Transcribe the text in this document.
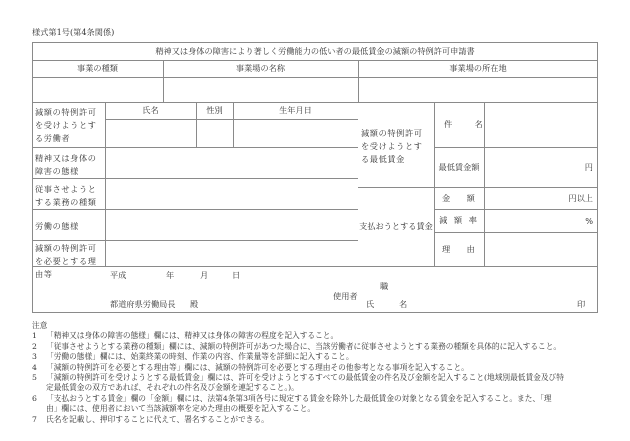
様式第1号(第4条関係)
精神又は身体の障害により著しく労働能力の低い者の最低賃金の減額の特例許可申請書
事業の種類	事業場の名称	事業場の所在地
減額の特例許可を受けようとする労働者
氏名	性別	生年月日
精神又は身体の障害の態様
従事させようとする業務の種類
労働の態様
減額の特例許可を必要とする理由等
減額の特例許可を受けようとする最低賃金
件　　名
最低賃金額	円
支払おうとする賃金
金　　額	円以上
減 額 率	%
理　　由
平成	年	月	日
職
使用者
氏	名	印
都道府県労働局長 殿
注意
1 「精神又は身体の障害の態様」欄には、精神又は身体の障害の程度を記入すること。
2 「従事させようとする業務の種類」欄には、減額の特例許可があつた場合に、当該労働者に従事させようとする業務の種類を具体的に記入すること。
3 「労働の態様」欄には、始業終業の時刻、作業の内容、作業量等を詳細に記入すること。
4 「減額の特例許可を必要とする理由等」欄には、減額の特例許可を必要とする理由その他参考となる事項を記入すること。
5 「減額の特例許可を受けようとする最低賃金」欄には、許可を受けようとするすべての最低賃金の件名及び金額を記入すること(地域別最低賃金及び特
定最低賃金の双方であれば、それぞれの件名及び金額を連記すること。)。
6 「支払おうとする賃金」欄の「金額」欄には、法第4条第3項各号に規定する賃金を除外した最低賃金の対象となる賃金を記入すること。また、「理
由」欄には、使用者において当該減額率を定めた理由の概要を記入すること。
7 氏名を記載し、押印することに代えて、署名することができる。
